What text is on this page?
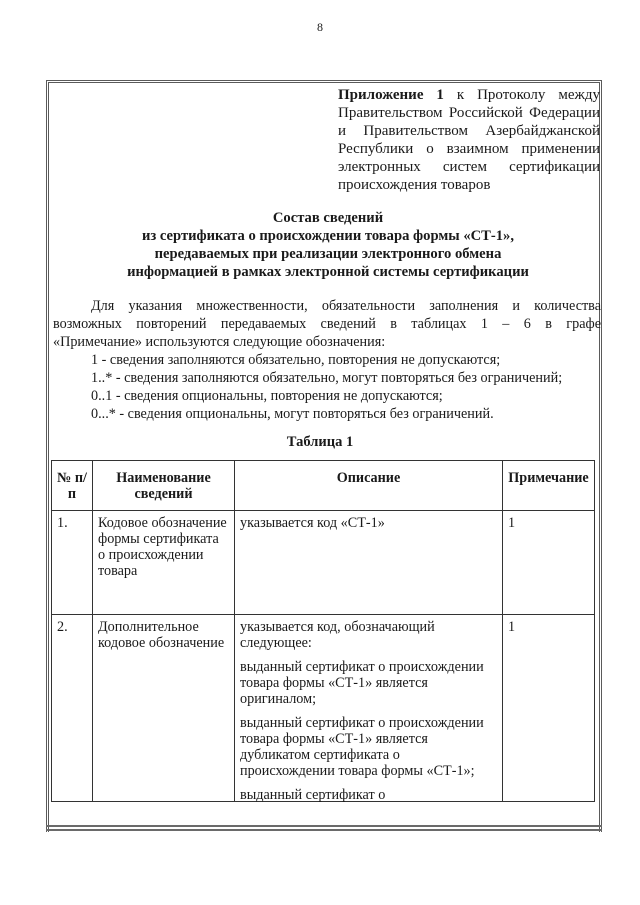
8
Приложение 1 к Протоколу между
Правительством Российской Федерации
и Правительством Азербайджанской
Республики о взаимном применении
электронных систем сертификации
происхождения товаров
Состав сведений
из сертификата о происхождении товара формы «СТ-1»,
передаваемых при реализации электронного обмена
информацией в рамках электронной системы сертификации
Для указания множественности, обязательности заполнения и количества
возможных повторений передаваемых сведений в таблицах 1 – 6 в графе
«Примечание» используются следующие обозначения:
1 - сведения заполняются обязательно, повторения не допускаются;
1..* - сведения заполняются обязательно, могут повторяться без ограничений;
0..1 - сведения опциональны, повторения не допускаются;
0...* - сведения опциональны, могут повторяться без ограничений.
Таблица 1
№ п/п	Наименование сведений	Описание	Примечание
1.	Кодовое обозначение формы сертификата о происхождении товара	указывается код «СТ-1»	1
2.	Дополнительное кодовое обозначение	указывается код, обозначающий следующее:

выданный сертификат о происхождении товара формы «СТ-1» является оригиналом;

выданный сертификат о происхождении товара формы «СТ-1» является дубликатом сертификата о происхождении товара формы «СТ-1»;

выданный сертификат о	1
